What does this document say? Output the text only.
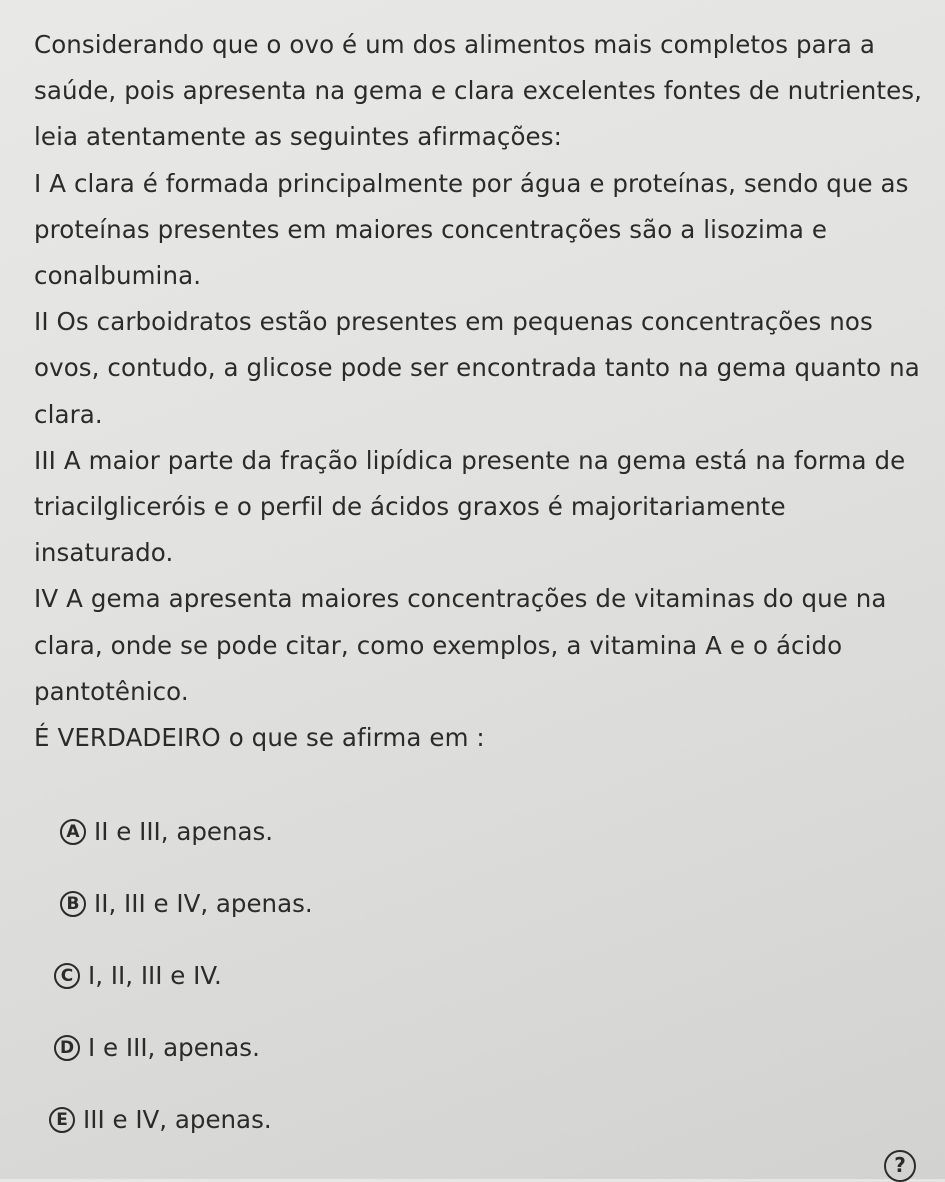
Considerando que o ovo é um dos alimentos mais completos para a saúde, pois apresenta na gema e clara excelentes fontes de nutrientes, leia atentamente as seguintes afirmações:

I A clara é formada principalmente por água e proteínas, sendo que as proteínas presentes em maiores concentrações são a lisozima e conalbumina.

II Os carboidratos estão presentes em pequenas concentrações nos ovos, contudo, a glicose pode ser encontrada tanto na gema quanto na clara.

III A maior parte da fração lipídica presente na gema está na forma de triacilgliceróis e o perfil de ácidos graxos é majoritariamente insaturado.

IV A gema apresenta maiores concentrações de vitaminas do que na clara, onde se pode citar, como exemplos, a vitamina A e o ácido pantotênico.

É VERDADEIRO o que se afirma em :

A II e III, apenas.
B II, III e IV, apenas.
C I, II, III e IV.
D I e III, apenas.
E III e IV, apenas.
?
